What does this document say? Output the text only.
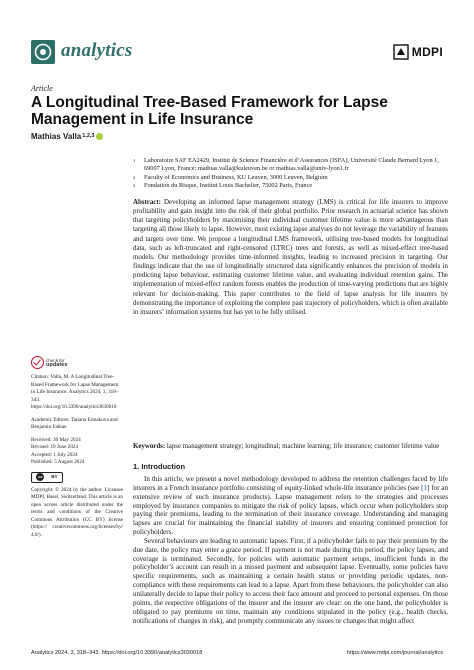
analytics	MDPI
Article
A Longitudinal Tree-Based Framework for Lapse Management in Life Insurance
Mathias Valla$^{1,2,3}$
1	Laboratoire SAF EA2429, Institut de Science Financière et d’Assurances (ISFA), Université Claude Bernard Lyon 1, 69007 Lyon, France; mathias.valla@kuleuven.be or mathias.valla@univ-lyon1.fr
2	Faculty of Economics and Business, KU Leuven, 3000 Leuven, Belgium
3	Fondation du Risque, Institut Louis Bachelier, 75002 Paris, France
Abstract: Developing an informed lapse management strategy (LMS) is critical for life insurers to improve profitability and gain insight into the risk of their global portfolio. Prior research in actuarial science has shown that targeting policyholders by maximising their individual customer lifetime value is more advantageous than targeting all those likely to lapse. However, most existing lapse analyses do not leverage the variability of features and targets over time. We propose a longitudinal LMS framework, utilising tree-based models for longitudinal data, such as left-truncated and right-censored (LTRC) trees and forests, as well as mixed-effect tree-based models. Our methodology provides time-informed insights, leading to increased precision in targeting. Our findings indicate that the use of longitudinally structured data significantly enhances the precision of models in predicting lapse behaviour, estimating customer lifetime value, and evaluating individual retention gains. The implementation of mixed-effect random forests enables the production of time-varying predictions that are highly relevant for decision-making. This paper contributes to the field of lapse analysis for life insurers by demonstrating the importance of exploiting the complete past trajectory of policyholders, which is often available in insurers’ information systems but has yet to be fully utilised.
Keywords: lapse management strategy; longitudinal; machine learning; life insurance; customer lifetime value
check for
updates
Citation: Valla, M. A Longitudinal Tree-Based Framework for Lapse Management in Life Insurance. Analytics 2024, 3, 318–343. https://doi.org/10.3390/analytics3030018
Academic Editors: Tatiana Ermakova and Benjamin Fabian
Received: 30 May 2024
Revised: 19 June 2024
Accepted: 1 July 2024
Published: 5 August 2024
cc	BY
Copyright: © 2024 by the author. Licensee MDPI, Basel, Switzerland. This article is an open access article distributed under the terms and conditions of the Creative Commons Attribution (CC BY) license (https:// creativecommons.org/licenses/by/ 4.0/).
1. Introduction

In this article, we present a novel methodology developed to address the retention challenges faced by life insurers in a French insurance portfolio consisting of equity-linked whole-life insurance policies (see [1] for an extensive review of such insurance products). Lapse management refers to the strategies and processes employed by insurance companies to mitigate the risk of policy lapses, which occur when policyholders stop paying their premiums, leading to the termination of their insurance coverage. Understanding and managing lapses are crucial for maintaining the financial stability of insurers and ensuring continued protection for policyholders.

Several behaviours are leading to automatic lapses. First, if a policyholder fails to pay their premium by the due date, the policy may enter a grace period. If payment is not made during this period, the policy lapses, and coverage is terminated. Secondly, for policies with automatic payment setups, insufficient funds in the policyholder’s account can result in a missed payment and subsequent lapse. Eventually, some policies have specific requirements, such as maintaining a certain health status or providing periodic updates, non-compliance with these requirements can lead to a lapse. Apart from these behaviours, the policyholder can also unilaterally decide to lapse their policy to access their face amount and proceed to personal expenses. On those points, the respective obligations of the insurer and the insurer are clear: on the one hand, the policyholder is obligated to pay premiums on time, maintain any conditions stipulated in the policy (e.g., health checks, notifications of changes in risk), and promptly communicate any issues or changes that might affect

Analytics 2024, 3, 318–343. https://doi.org/10.3390/analytics3030018	https://www.mdpi.com/journal/analytics
